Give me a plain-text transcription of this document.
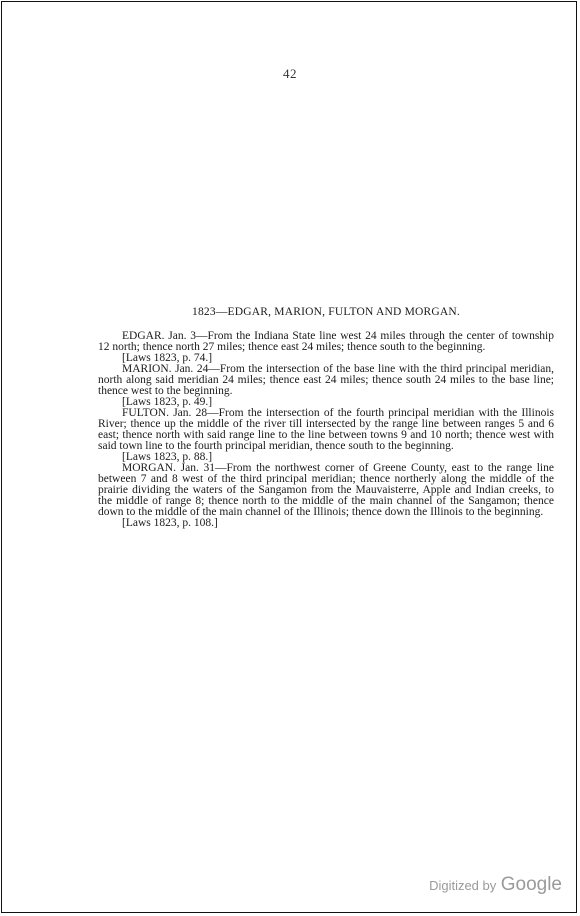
42
1823—EDGAR, MARION, FULTON AND MORGAN.

EDGAR. Jan. 3—From the Indiana State line west 24 miles through the center of township 12 north; thence north 27 miles; thence east 24 miles; thence south to the beginning.

[Laws 1823, p. 74.]

MARION. Jan. 24—From the intersection of the base line with the third principal meridian, north along said meridian 24 miles; thence east 24 miles; thence south 24 miles to the base line; thence west to the beginning.

[Laws 1823, p. 49.]

FULTON. Jan. 28—From the intersection of the fourth principal meridian with the Illinois River; thence up the middle of the river till intersected by the range line between ranges 5 and 6 east; thence north with said range line to the line between towns 9 and 10 north; thence west with said town line to the fourth principal meridian, thence south to the beginning.

[Laws 1823, p. 88.]

MORGAN. Jan. 31—From the northwest corner of Greene County, east to the range line between 7 and 8 west of the third principal meridian; thence northerly along the middle of the prairie dividing the waters of the Sangamon from the Mauvaisterre, Apple and Indian creeks, to the middle of range 8; thence north to the middle of the main channel of the Sangamon; thence down to the middle of the main channel of the Illinois; thence down the Illinois to the beginning.

[Laws 1823, p. 108.]

Digitized by Google
